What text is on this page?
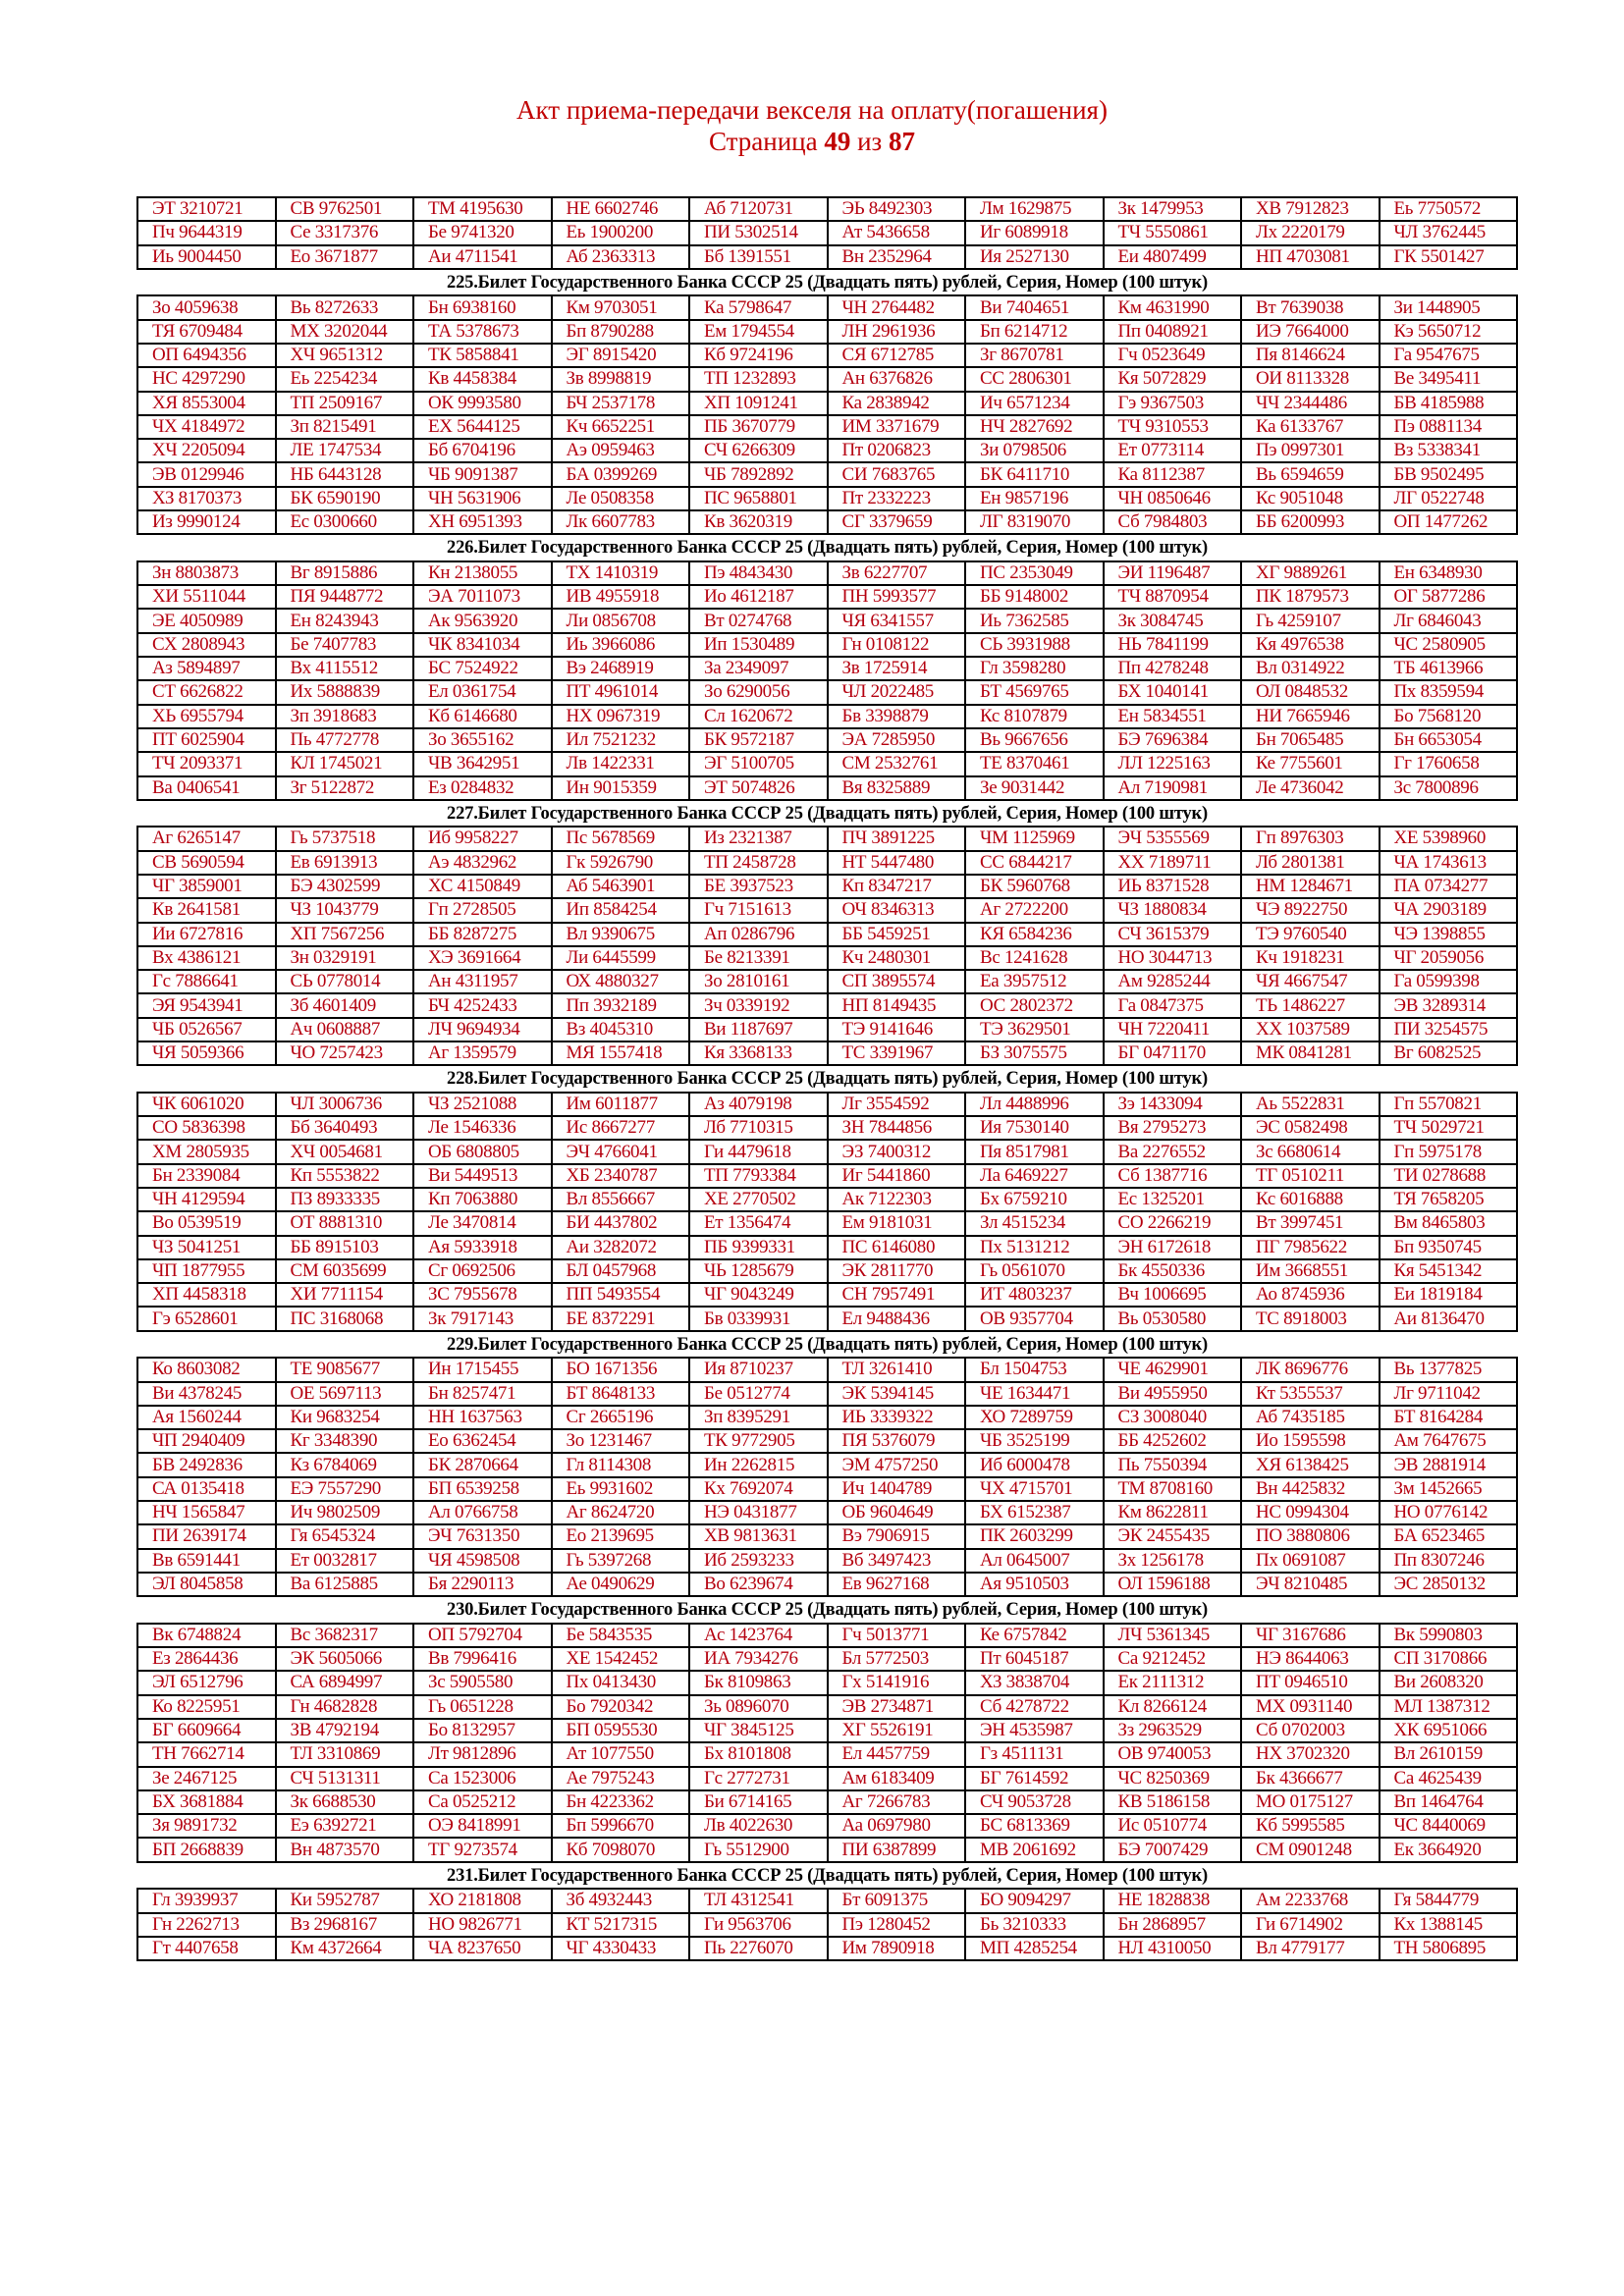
Акт приема-передачи векселя на оплату(погашения)
Страница 49 из 87
ЭТ 3210721	СВ 9762501	ТМ 4195630	НЕ 6602746	Аб 7120731	ЭЬ 8492303	Лм 1629875	Зк 1479953	ХВ 7912823	Еь 7750572
Пч 9644319	Се 3317376	Бе 9741320	Еь 1900200	ПИ 5302514	Ат 5436658	Иг 6089918	ТЧ 5550861	Лх 2220179	ЧЛ 3762445
Иь 9004450	Ео 3671877	Аи 4711541	Аб 2363313	Бб 1391551	Вн 2352964	Ия 2527130	Еи 4807499	НП 4703081	ГК 5501427
225.Билет Государственного Банка СССР 25 (Двадцать пять) рублей, Серия, Номер (100 штук)
Зо 4059638	Вь 8272633	Бн 6938160	Км 9703051	Ка 5798647	ЧН 2764482	Ви 7404651	Км 4631990	Вт 7639038	Зи 1448905
ТЯ 6709484	МХ 3202044	ТА 5378673	Бп 8790288	Ем 1794554	ЛН 2961936	Бп 6214712	Пп 0408921	ИЭ 7664000	Кэ 5650712
ОП 6494356	ХЧ 9651312	ТК 5858841	ЭГ 8915420	Кб 9724196	СЯ 6712785	Зг 8670781	Гч 0523649	Пя 8146624	Га 9547675
НС 4297290	Еь 2254234	Кв 4458384	Зв 8998819	ТП 1232893	Ан 6376826	СС 2806301	Кя 5072829	ОИ 8113328	Ве 3495411
ХЯ 8553004	ТП 2509167	ОК 9993580	БЧ 2537178	ХП 1091241	Ка 2838942	Ич 6571234	Гэ 9367503	ЧЧ 2344486	БВ 4185988
ЧХ 4184972	Зп 8215491	ЕХ 5644125	Кч 6652251	ПБ 3670779	ИМ 3371679	НЧ 2827692	ТЧ 9310553	Ка 6133767	Пэ 0881134
ХЧ 2205094	ЛЕ 1747534	Бб 6704196	Аэ 0959463	СЧ 6266309	Пт 0206823	Зи 0798506	Ет 0773114	Пэ 0997301	Вз 5338341
ЭВ 0129946	НБ 6443128	ЧБ 9091387	БА 0399269	ЧБ 7892892	СИ 7683765	БК 6411710	Ка 8112387	Вь 6594659	БВ 9502495
ХЗ 8170373	БК 6590190	ЧН 5631906	Ле 0508358	ПС 9658801	Пт 2332223	Ен 9857196	ЧН 0850646	Кс 9051048	ЛГ 0522748
Из 9990124	Ес 0300660	ХН 6951393	Лк 6607783	Кв 3620319	СГ 3379659	ЛГ 8319070	Сб 7984803	ББ 6200993	ОП 1477262
226.Билет Государственного Банка СССР 25 (Двадцать пять) рублей, Серия, Номер (100 штук)
Зн 8803873	Вг 8915886	Кн 2138055	ТХ 1410319	Пэ 4843430	Зв 6227707	ПС 2353049	ЭИ 1196487	ХГ 9889261	Ен 6348930
ХИ 5511044	ПЯ 9448772	ЭА 7011073	ИВ 4955918	Ио 4612187	ПН 5993577	ББ 9148002	ТЧ 8870954	ПК 1879573	ОГ 5877286
ЭЕ 4050989	Ен 8243943	Ак 9563920	Ли 0856708	Вт 0274768	ЧЯ 6341557	Иь 7362585	Зк 3084745	Гь 4259107	Лг 6846043
СХ 2808943	Бе 7407783	ЧК 8341034	Иь 3966086	Ип 1530489	Гн 0108122	СЬ 3931988	НЬ 7841199	Кя 4976538	ЧС 2580905
Аз 5894897	Вх 4115512	БС 7524922	Вэ 2468919	За 2349097	Зв 1725914	Гл 3598280	Пп 4278248	Вл 0314922	ТБ 4613966
СТ 6626822	Их 5888839	Ел 0361754	ПТ 4961014	Зо 6290056	ЧЛ 2022485	БТ 4569765	БХ 1040141	ОЛ 0848532	Пх 8359594
ХЬ 6955794	Зп 3918683	Кб 6146680	НХ 0967319	Сл 1620672	Бв 3398879	Кс 8107879	Ен 5834551	НИ 7665946	Бо 7568120
ПТ 6025904	Пь 4772778	Зо 3655162	Ил 7521232	БК 9572187	ЭА 7285950	Вь 9667656	БЭ 7696384	Бн 7065485	Бн 6653054
ТЧ 2093371	КЛ 1745021	ЧВ 3642951	Лв 1422331	ЭГ 5100705	СМ 2532761	ТЕ 8370461	ЛЛ 1225163	Ке 7755601	Гг 1760658
Ва 0406541	Зг 5122872	Ез 0284832	Ин 9015359	ЭТ 5074826	Вя 8325889	Зе 9031442	Ал 7190981	Ле 4736042	Зс 7800896
227.Билет Государственного Банка СССР 25 (Двадцать пять) рублей, Серия, Номер (100 штук)
Аг 6265147	Гь 5737518	Иб 9958227	Пс 5678569	Из 2321387	ПЧ 3891225	ЧМ 1125969	ЭЧ 5355569	Гп 8976303	ХЕ 5398960
СВ 5690594	Ев 6913913	Аэ 4832962	Гк 5926790	ТП 2458728	НТ 5447480	СС 6844217	ХХ 7189711	Лб 2801381	ЧА 1743613
ЧГ 3859001	БЭ 4302599	ХС 4150849	Аб 5463901	БЕ 3937523	Кп 8347217	БК 5960768	ИЬ 8371528	НМ 1284671	ПА 0734277
Кв 2641581	ЧЗ 1043779	Гп 2728505	Ип 8584254	Гч 7151613	ОЧ 8346313	Аг 2722200	ЧЗ 1880834	ЧЭ 8922750	ЧА 2903189
Ии 6727816	ХП 7567256	ББ 8287275	Вл 9390675	Ап 0286796	ББ 5459251	КЯ 6584236	СЧ 3615379	ТЭ 9760540	ЧЭ 1398855
Вх 4386121	Зн 0329191	ХЭ 3691664	Ли 6445599	Бе 8213391	Кч 2480301	Вс 1241628	НО 3044713	Кч 1918231	ЧГ 2059056
Гс 7886641	СЬ 0778014	Ан 4311957	ОХ 4880327	Зо 2810161	СП 3895574	Еа 3957512	Ам 9285244	ЧЯ 4667547	Га 0599398
ЭЯ 9543941	Зб 4601409	БЧ 4252433	Пп 3932189	Зч 0339192	НП 8149435	ОС 2802372	Га 0847375	ТЬ 1486227	ЭВ 3289314
ЧБ 0526567	Ач 0608887	ЛЧ 9694934	Вз 4045310	Ви 1187697	ТЭ 9141646	ТЭ 3629501	ЧН 7220411	ХХ 1037589	ПИ 3254575
ЧЯ 5059366	ЧО 7257423	Аг 1359579	МЯ 1557418	Кя 3368133	ТС 3391967	БЗ 3075575	БГ 0471170	МК 0841281	Вг 6082525
228.Билет Государственного Банка СССР 25 (Двадцать пять) рублей, Серия, Номер (100 штук)
ЧК 6061020	ЧЛ 3006736	ЧЗ 2521088	Им 6011877	Аз 4079198	Лг 3554592	Лл 4488996	Зэ 1433094	Аь 5522831	Гп 5570821
СО 5836398	Бб 3640493	Ле 1546336	Ис 8667277	Лб 7710315	ЗН 7844856	Ия 7530140	Вя 2795273	ЭС 0582498	ТЧ 5029721
ХМ 2805935	ХЧ 0054681	ОБ 6808805	ЭЧ 4766041	Ги 4479618	ЭЗ 7400312	Пя 8517981	Ва 2276552	Зс 6680614	Гп 5975178
Бн 2339084	Кп 5553822	Ви 5449513	ХБ 2340787	ТП 7793384	Иг 5441860	Ла 6469227	Сб 1387716	ТГ 0510211	ТИ 0278688
ЧН 4129594	ПЗ 8933335	Кп 7063880	Вл 8556667	ХЕ 2770502	Ак 7122303	Бх 6759210	Ес 1325201	Кс 6016888	ТЯ 7658205
Во 0539519	ОТ 8881310	Ле 3470814	БИ 4437802	Ет 1356474	Ем 9181031	Зл 4515234	СО 2266219	Вт 3997451	Вм 8465803
ЧЗ 5041251	ББ 8915103	Ая 5933918	Аи 3282072	ПБ 9399331	ПС 6146080	Пх 5131212	ЭН 6172618	ПГ 7985622	Бп 9350745
ЧП 1877955	СМ 6035699	Сг 0692506	БЛ 0457968	ЧЬ 1285679	ЭК 2811770	Гь 0561070	Бк 4550336	Им 3668551	Кя 5451342
ХП 4458318	ХИ 7711154	ЗС 7955678	ПП 5493554	ЧГ 9043249	СН 7957491	ИТ 4803237	Вч 1006695	Ао 8745936	Еи 1819184
Гэ 6528601	ПС 3168068	Зк 7917143	БЕ 8372291	Бв 0339931	Ел 9488436	ОВ 9357704	Вь 0530580	ТС 8918003	Аи 8136470
229.Билет Государственного Банка СССР 25 (Двадцать пять) рублей, Серия, Номер (100 штук)
Ко 8603082	ТЕ 9085677	Ин 1715455	БО 1671356	Ия 8710237	ТЛ 3261410	Бл 1504753	ЧЕ 4629901	ЛК 8696776	Вь 1377825
Ви 4378245	ОЕ 5697113	Бн 8257471	БТ 8648133	Бе 0512774	ЭК 5394145	ЧЕ 1634471	Ви 4955950	Кт 5355537	Лг 9711042
Ая 1560244	Ки 9683254	НН 1637563	Сг 2665196	Зп 8395291	ИЬ 3339322	ХО 7289759	СЗ 3008040	Аб 7435185	БТ 8164284
ЧП 2940409	Кг 3348390	Ео 6362454	Зо 1231467	ТК 9772905	ПЯ 5376079	ЧБ 3525199	ББ 4252602	Ио 1595598	Ам 7647675
БВ 2492836	Кз 6784069	БК 2870664	Гл 8114308	Ин 2262815	ЭМ 4757250	Иб 6000478	Пь 7550394	ХЯ 6138425	ЭВ 2881914
СА 0135418	ЕЭ 7557290	БП 6539258	Еь 9931602	Кх 7692074	Ич 1404789	ЧХ 4715701	ТМ 8708160	Вн 4425832	Зм 1452665
НЧ 1565847	Ич 9802509	Ал 0766758	Аг 8624720	НЭ 0431877	ОБ 9604649	БХ 6152387	Км 8622811	НС 0994304	НО 0776142
ПИ 2639174	Гя 6545324	ЭЧ 7631350	Ео 2139695	ХВ 9813631	Вэ 7906915	ПК 2603299	ЭК 2455435	ПО 3880806	БА 6523465
Вв 6591441	Ет 0032817	ЧЯ 4598508	Гь 5397268	Иб 2593233	Вб 3497423	Ал 0645007	Зх 1256178	Пх 0691087	Пп 8307246
ЭЛ 8045858	Ва 6125885	Бя 2290113	Ае 0490629	Во 6239674	Ев 9627168	Ая 9510503	ОЛ 1596188	ЭЧ 8210485	ЭС 2850132
230.Билет Государственного Банка СССР 25 (Двадцать пять) рублей, Серия, Номер (100 штук)
Вк 6748824	Вс 3682317	ОП 5792704	Бе 5843535	Ас 1423764	Гч 5013771	Ке 6757842	ЛЧ 5361345	ЧГ 3167686	Вк 5990803
Ез 2864436	ЭК 5605066	Вв 7996416	ХЕ 1542452	ИА 7934276	Бл 5772503	Пт 6045187	Са 9212452	НЭ 8644063	СП 3170866
ЭЛ 6512796	СА 6894997	Зс 5905580	Пх 0413430	Бк 8109863	Гх 5141916	ХЗ 3838704	Ек 2111312	ПТ 0946510	Ви 2608320
Ко 8225951	Гн 4682828	Гь 0651228	Бо 7920342	Зь 0896070	ЭВ 2734871	Сб 4278722	Кл 8266124	МХ 0931140	МЛ 1387312
БГ 6609664	ЗВ 4792194	Бо 8132957	БП 0595530	ЧГ 3845125	ХГ 5526191	ЭН 4535987	Зз 2963529	Сб 0702003	ХК 6951066
ТН 7662714	ТЛ 3310869	Лт 9812896	Ат 1077550	Бх 8101808	Ел 4457759	Гз 4511131	ОВ 9740053	НХ 3702320	Вл 2610159
Зе 2467125	СЧ 5131311	Са 1523006	Ае 7975243	Гс 2772731	Ам 6183409	БГ 7614592	ЧС 8250369	Бк 4366677	Са 4625439
БХ 3681884	Зк 6688530	Са 0525212	Бн 4223362	Би 6714165	Аг 7266783	СЧ 9053728	КВ 5186158	МО 0175127	Вп 1464764
Зя 9891732	Еэ 6392721	ОЭ 8418991	Бп 5996670	Лв 4022630	Аа 0697980	БС 6813369	Ис 0510774	Кб 5995585	ЧС 8440069
БП 2668839	Вн 4873570	ТГ 9273574	Кб 7098070	Гь 5512900	ПИ 6387899	МВ 2061692	БЭ 7007429	СМ 0901248	Ек 3664920
231.Билет Государственного Банка СССР 25 (Двадцать пять) рублей, Серия, Номер (100 штук)
Гл 3939937	Ки 5952787	ХО 2181808	Зб 4932443	ТЛ 4312541	Бт 6091375	БО 9094297	НЕ 1828838	Ам 2233768	Гя 5844779
Гн 2262713	Вз 2968167	НО 9826771	КТ 5217315	Ги 9563706	Пэ 1280452	Бь 3210333	Бн 2868957	Ги 6714902	Кх 1388145
Гт 4407658	Км 4372664	ЧА 8237650	ЧГ 4330433	Пь 2276070	Им 7890918	МП 4285254	НЛ 4310050	Вл 4779177	ТН 5806895
